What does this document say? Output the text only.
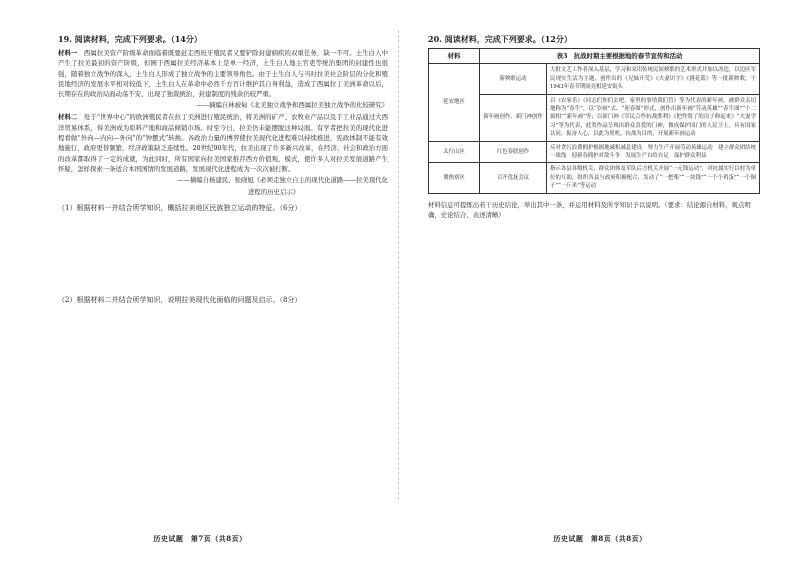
19. 阅读材料，完成下列要求。（14分）

材料一　西属拉美资产阶级革命面临着既要赶走西班牙殖民者又要铲除封建痼疾的双重任务，缺一不可。土生白人中产生了拉美最初的资产阶级，但囿于西属拉美经济基本上是单一经济，土生白人地主官吏等统治集团的封建性也很强，随着独立战争的深入，土生白人形成了独立战争的主要领导角色。由于土生白人与当时拉美社会阶层的分化和殖民地经济的发展水平相对较低下，土生白人在革命中必然千方百计维护其自身利益，造成了西属拉丁美洲革命以后，长期存在的政治局面动荡不安，出现了独裁统治，封建制度的残余仍较严重。

——摘编自林被甸《北美独立战争和西属拉美独立战争的比较研究》

材料二　处于“世界中心”的欧洲殖民者在拉丁美洲进行殖民统治，将美洲的矿产、农牧业产品以及手工业品通过大西洋贸易体系，得美洲成为原料产地和商品倾销市场。时至今日，拉美仍未能摆脱这种局面。有学者把拉美的现代化进程看做“外向—内向—外向”的“钟摆式”转换。各政治力量的博弈使拉美现代化进程难以持续推进，宪政体制不能有效地施行，政府更替频繁，经济政策缺乏连续性。20世纪90年代，拉美出现了许多新兴改革，在经济、社会和政治方面的改革都取得了一定的成就，为此同时，所有国家向拉美国家推荐西方价值观、模式，使许多人对拉美发展道路产生怀疑，怎样探索一条适合本国国情的发展道路，发展现代化进程成为一次次被打断。

——摘编自杨建民、张晓旭《必须走独立自主的现代化道路——拉美现代化
进程的历史启示》
（1）根据材料一并结合所学知识，概括拉美地区民族独立运动的特征。（6分）
（2）根据材料二并结合所学知识，说明拉美现代化面临的问题及启示。（8分）
历史试题　第7页（共8页）
20. 阅读材料，完成下列要求。（12分）
材料	表3　抗战时期主要根据地的春节宣传和活动	
延安地区	新秧歌运动	大批文艺工作者深入基层，学习和采用传统民间秧歌的艺术形式并加以改造，以边区军民现实生活为主题，创作出的《兄妹开荒》《夫妻识字》《挑花篮》等一批新秧歌，于1943年春节期间亮相延安街头
	新年画创作、新门神创作	以《农家乐》《同志们你们去吧，家里的事情我们管》等为代表的新年画，被群众亲切地称为“春牛”，以“岁画”式、“迎春图”形式，创作出新年画“劳动英雄”“春牛图”“十二属相”“新年画”等；以新门神《军民合作抗战胜利》《把炸毁了的房子修起来》“夫妻学习”等为代表，此类作品呈现出群众喜爱的门神，做成保护国门的人民卫士，具有国家认同，振奋人心，以此为契机，抗战为目的，开展新年画运动
太行山区	红色春联创作	反对贪污浪费拥护根据地减租减息建设　努力生产开展劳动英雄运动　建立群众团结统一战线　迎新春拥护对敌斗争　发展生产自给自足　保护群众利益
冀热察区	召开优抚会议	指示各县各级机关、群众团体及军队后方机关开展“一元钱运动”，对抗属实行以村为单位的互助，组织各县与政府积极配合，发动了“一把柴”“一块钱”“一个个鸡蛋”“一个铜子”“一斤米”等运动
材料信息可提炼出若干历史结论，举出其中一条，并运用材料及所学知识予以说明。（要求：结论源自材料，观点明确，史论结合，表述清晰）
历史试题　第8页（共8页）
